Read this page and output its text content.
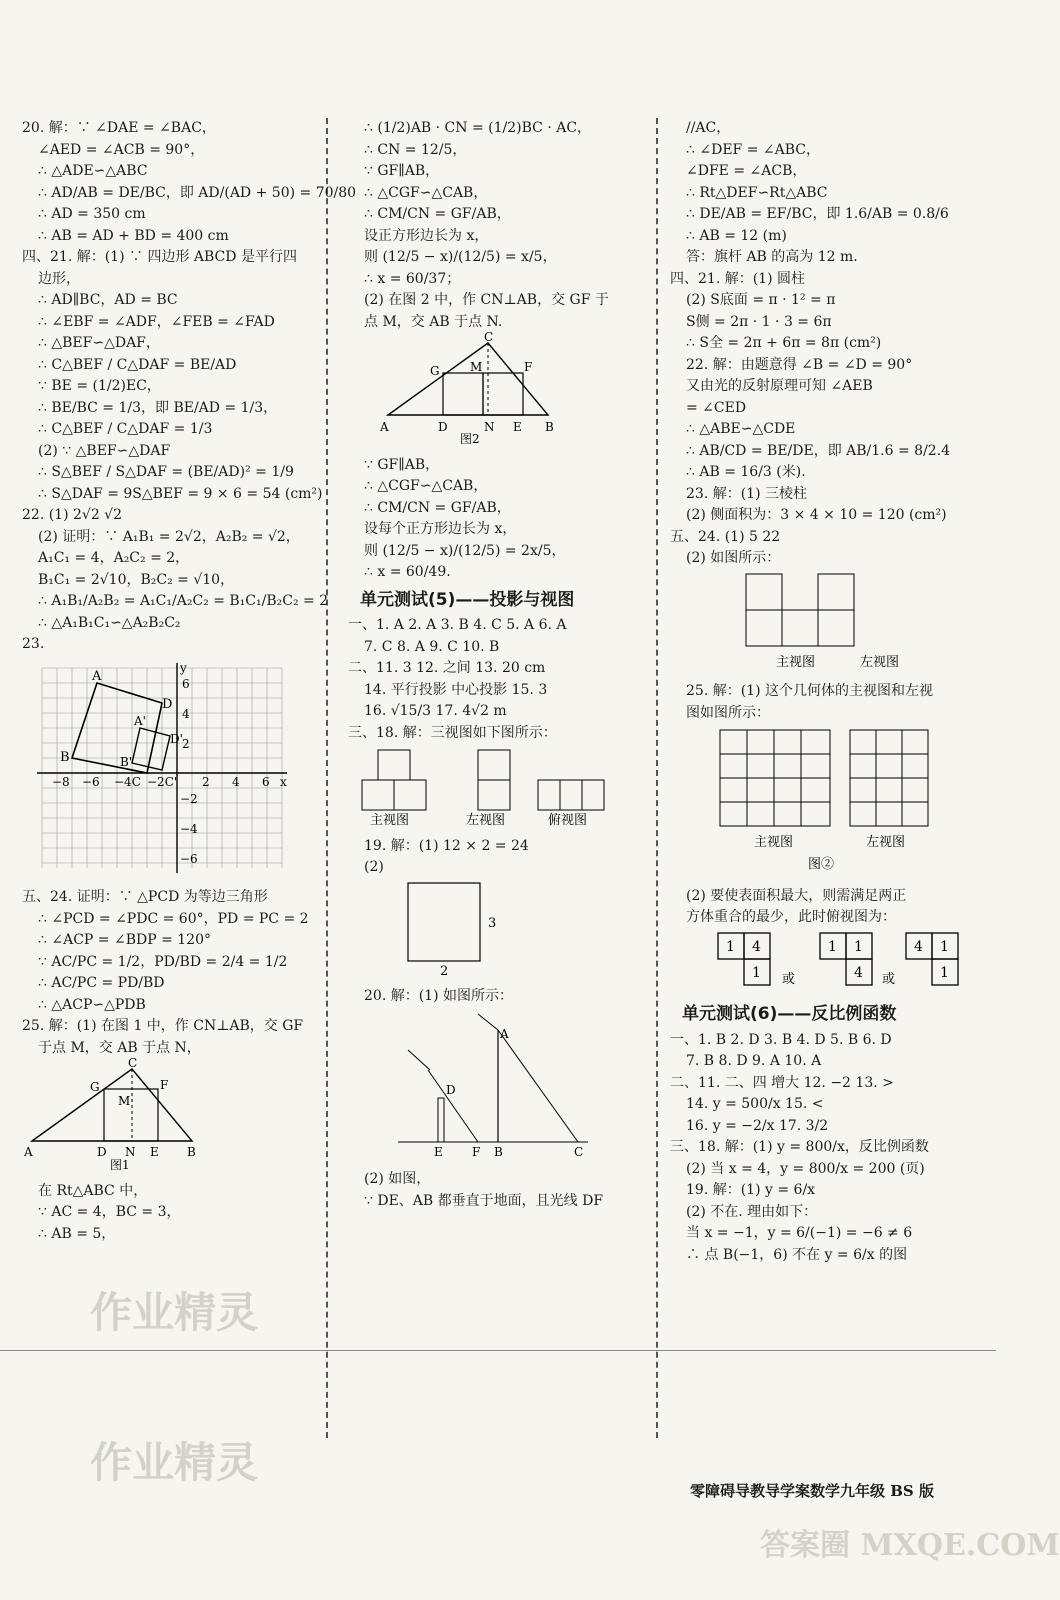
20. 解：∵ ∠DAE = ∠BAC，
∠AED = ∠ACB = 90°，
∴ △ADE∽△ABC
∴ AD/AB = DE/BC，即 AD/(AD + 50) = 70/80
∴ AD = 350 cm
∴ AB = AD + BD = 400 cm
四、21. 解：(1) ∵ 四边形 ABCD 是平行四
边形，
∴ AD∥BC，AD = BC
∴ ∠EBF = ∠ADF，∠FEB = ∠FAD
∴ △BEF∽△DAF，
∴ C△BEF / C△DAF = BE/AD
∵ BE = (1/2)EC，
∴ BE/BC = 1/3，即 BE/AD = 1/3，
∴ C△BEF / C△DAF = 1/3
(2) ∵ △BEF∽△DAF
∴ S△BEF / S△DAF = (BE/AD)² = 1/9
∴ S△DAF = 9S△BEF = 9 × 6 = 54 (cm²)
22. (1) 2√2 √2
(2) 证明：∵ A₁B₁ = 2√2，A₂B₂ = √2，
A₁C₁ = 4，A₂C₂ = 2，
B₁C₁ = 2√10，B₂C₂ = √10，
∴ A₁B₁/A₂B₂ = A₁C₁/A₂C₂ = B₁C₁/B₂C₂ = 2
∴ △A₁B₁C₁∽△A₂B₂C₂
23.
A
D
B
A'
D'
B'
y
x
−8 −6 −4C −2C' 2 4 6
6
4
2
−2
−4
−6
五、24. 证明：∵ △PCD 为等边三角形
∴ ∠PCD = ∠PDC = 60°，PD = PC = 2
∴ ∠ACP = ∠BDP = 120°
∵ AC/PC = 1/2，PD/BD = 2/4 = 1/2
∴ AC/PC = PD/BD
∴ △ACP∽△PDB
25. 解：(1) 在图 1 中，作 CN⊥AB，交 GF
于点 M，交 AB 于点 N，
A	D N E B
C
G	F
M
图1
在 Rt△ABC 中，
∵ AC = 4，BC = 3，
∴ AB = 5，
∴ (1/2)AB · CN = (1/2)BC · AC，
∴ CN = 12/5，
∵ GF∥AB，
∴ △CGF∽△CAB，
∴ CM/CN = GF/AB，
设正方形边长为 x，
则 (12/5 − x)/(12/5) = x/5，
∴ x = 60/37；
(2) 在图 2 中，作 CN⊥AB，交 GF 于
点 M，交 AB 于点 N.
A	D	N E B
C
G	F
M
图2
∵ GF∥AB，
∴ △CGF∽△CAB，
∴ CM/CN = GF/AB，
设每个正方形边长为 x，
则 (12/5 − x)/(12/5) = 2x/5，
∴ x = 60/49.
单元测试(5)——投影与视图
一、1. A 2. A 3. B 4. C 5. A 6. A
7. C 8. A 9. C 10. B
二、11. 3 12. 之间 13. 20 cm
14. 平行投影 中心投影 15. 3
16. √15/3 17. 4√2 m
三、18. 解：三视图如下图所示：
主视图	左视图	俯视图
19. 解：(1) 12 × 2 = 24
(2)
3
2
20. 解：(1) 如图所示：
A
D
E F B	C
(2) 如图，
∵ DE、AB 都垂直于地面，且光线 DF
//AC，
∴ ∠DEF = ∠ABC，
∠DFE = ∠ACB，
∴ Rt△DEF∽Rt△ABC
∴ DE/AB = EF/BC，即 1.6/AB = 0.8/6
∴ AB = 12 (m)
答：旗杆 AB 的高为 12 m.
四、21. 解：(1) 圆柱
(2) S底面 = π · 1² = π
S侧 = 2π · 1 · 3 = 6π
∴ S全 = 2π + 6π = 8π (cm²)
22. 解：由题意得 ∠B = ∠D = 90°
又由光的反射原理可知 ∠AEB
= ∠CED
∴ △ABE∽△CDE
∴ AB/CD = BE/DE，即 AB/1.6 = 8/2.4
∴ AB = 16/3 (米).
23. 解：(1) 三棱柱
(2) 侧面积为：3 × 4 × 10 = 120 (cm²)
五、24. (1) 5 22
(2) 如图所示：
主视图	左视图
25. 解：(1) 这个几何体的主视图和左视
图如图所示：
主视图	左视图
图②
(2) 要使表面积最大，则需满足两正
方体重合的最少，此时俯视图为：
1 4
1
1 1
4
4 1
1
或	或
单元测试(6)——反比例函数
一、1. B 2. D 3. B 4. D 5. B 6. D
7. B 8. D 9. A 10. A
二、11. 二、四 增大 12. −2 13. >
14. y = 500/x 15. <
16. y = −2/x 17. 3/2
三、18. 解：(1) y = 800/x，反比例函数
(2) 当 x = 4，y = 800/x = 200 (页)
19. 解：(1) y = 6/x
(2) 不在. 理由如下：
当 x = −1，y = 6/(−1) = −6 ≠ 6
∴ 点 B(−1，6) 不在 y = 6/x 的图
作业精灵
作业精灵
答案圈 MXQE.COM
零障碍导教导学案数学九年级 BS 版
